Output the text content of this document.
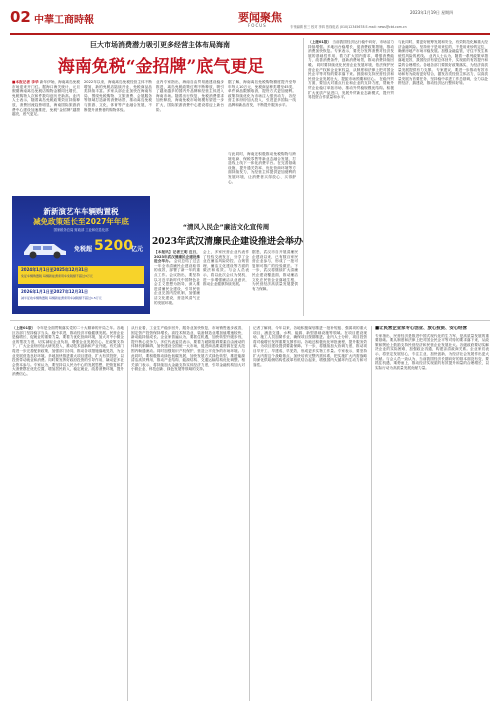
02 中華工商時報	要闻聚焦
FOCUS
2023年1月19日 星期四
专刊编辑 张三 校对 李四 热线电话 (010)12345678 E-mail: news@cbt.com.cn
巨大市场消费潜力吸引更多经营主体布局海南
海南免税“金招牌”底气更足
■本报记者 李华 新年伊始，海南离岛免税市场迎来开门红。据海口海关统计，元旦假期海南离岛免税店购物金额同比增长，免税购物人次和件数均创历史新高。业内人士表示，随着离岛免税政策效应持续释放，消费回流趋势明显，海南国际旅游消费中心建设加速推进，免税“金招牌”越擦越亮，底气更足。
2022年以来，海南离岛免税经营主体不断增加，新的免税店陆续开业，免税商品品类持续丰富。多家头部企业加快在海南布局，围绕免税购物、文旅消费、会展服务等领域打造新的消费场景，推动离岛免税与旅游、文化、体育等产业融合发展，不断提升消费者的购物体验。
业内专家指出，海南自由贸易港建设稳步推进，离岛免税政策红利不断释放，吸引了越来越多的国内外品牌和经营主体进入海南市场。随着出行恢复，免税消费需求加快释放，海南免税市场规模有望进一步扩大，国际旅游消费中心建设将迈上新台阶。
据了解，海南离岛免税购物额度提升至每年每人10万元，免税商品种类增至45类，单件商品限额取消，提货方式更加便利。政策持续优化为市场注入强劲动力，各经营主体纷纷加大投入，引进更多国际一线品牌和新品首发，不断提升服务水平。
与此同时，海南还积极推动免税购物与跨境电商、保税零售等新业态融合发展，打造线上线下一体化消费平台。在完善基础设施、提升通关效率、优化营商环境等方面持续发力，为经营主体提供更加便利的发展环境，让消费者买得放心、买得舒心。
新新演艺车车辆购置税
减免政策延长至2027年年底
国家税务总局 财政部 工业和信息化部
免税超 5200
亿元
2024年1月1日至2025年12月31日
免征车辆购置税 每辆新能源乘用车免税额不超过3万元
2026年1月1日至2027年12月31日
减半征收车辆购置税 每辆新能源乘用车减税额不超过1.5万元
“清风入民企”廉洁文化宣传周
2023年武汉清廉民企建设推进会举办
【本报讯】记者王明 近日，2023年武汉清廉民企建设推进会举办。 会议总结了过去一年全市清廉民企建设取得的成效，部署了新一年的重点工作。会议指出，要坚持以习近平新时代中国特色社会主义思想为指导，深入推进清廉民企建设，引导民营企业完善内控机制，加强廉洁文化建设，营造风清气正的发展环境。
会上，多家民营企业代表作了经验交流发言，分享了企业在廉洁风险防控、合规管理、廉洁文化建设等方面的做法和成效。与会人员表示，将以此次会议为契机，进一步增强廉洁从业意识，推动企业健康持续发展。
据悉，武汉市自开展清廉民企建设以来，已有数百家民营企业参与，形成了一批可复制可推广的经验做法。下一步，武汉将继续扩大清廉民企建设覆盖面，推动廉洁文化在民营企业落地生根，为民营经济高质量发展提供有力保障。
（上接01版） 当前我国经济运行稳中向好，市场活力持续增强。多地出台稳增长、促消费政策措施，推动消费加快恢复。专家表示，要充分发挥消费对经济发展的基础性作用，着力扩大国内需求，增强消费能力，改善消费条件，创新消费场景，推动消费持续回暖。 同时要持续优化民营企业发展环境，依法保护民营企业产权和企业家权益，从制度和法律上把对国企民企平等对待的要求落下来。鼓励和支持民营经济和民营企业发展壮大，提振市场预期和信心。 在稳外贸方面，要加大对重点行业和企业的支持力度，帮助外贸企业稳订单拓市场，推动外贸稳规模优结构。积极扩大优质产品进口，发展外贸新业态新模式，提升贸易投资合作质量和水平。
与此同时，要更好统筹发展和安全，有效防范化解重大经济金融风险。坚持房子是用来住的、不是用来炒的定位，确保房地产市场平稳发展。加强金融监管，守住不发生系统性风险的底线。 业内人士认为，随着一系列政策举措落地见效，我国经济有望总体回升，实现质的有效提升和量的合理增长。各地各部门要抓好政策落实，为经济高质量发展提供有力支撑。 专家建议，要进一步推动有效市场和有为政府更好结合，激发各类经营主体活力，以高质量发展为首要任务，坚持稳中求进工作总基调，全力以赴拼经济、搞建设，推动经济运行整体好转。
（上接01版） 今年是全面贯彻落实党的二十大精神的开局之年。各地区各部门坚持稳字当头、稳中求进，推动经济平稳健康发展。民营企业是稳增长、促就业的重要力量，要着力优化营商环境，加大对中小微企业的帮扶力度，切实减轻企业负担，增强企业发展信心。在政策支持下，广大企业纷纷加大研发投入，推动技术创新和产业升级。有关部门将进一步完善配套政策，加强部门协同，推动各项措施落地见效，为企业发展营造良好环境。多地加快推进重大项目建设，扩大有效投资，以投资带动就业和消费。同时要发挥好政府投资的引导作用，撬动更多社会资本参与。专家认为，要坚持以人民为中心的发展思想，把恢复和扩大消费摆在优先位置，增加居民收入，稳定就业，改善消费环境，提升消费信心。
从行业看，工业生产稳步回升，服务业加快恢复，市场销售逐步改善，固定资产投资保持增长。高技术制造业、装备制造业增加值增速较快，新动能持续成长。企业家普遍认为，要抓住机遇，加快转型升级步伐，提升核心竞争力。多位代表委员表示，要着力破除阻碍要素自由流动的体制机制障碍，加快建设全国统一大市场，促进商品要素资源在更大范围内畅通流动。同时加强知识产权保护，营造公平竞争的市场环境。与此同时，要积极推动绿色低碳发展，加快发展方式绿色转型，推进能源清洁高效利用，推动产业结构、能源结构、交通运输结构优化调整。相关部门表示，将持续加大金融支持实体经济力度，引导金融机构加大对小微企业、科技创新、绿色发展等领域的支持。
记者了解到，今年以来，各地积极谋划推进一批补短板、强弱项的重大项目，涵盖交通、水利、能源、新型基础设施等领域。在项目建设现场，施工人员加紧作业，确保项目按期推进。业内人士分析，项目投资将对稳增长发挥重要支撑作用。各地还积极优化审批流程，提升服务效率，为项目建设提供要素保障。下一步，将继续加大协调力度，推动项目早开工、早建成、早见效，形成更多实物工作量。专家表示，要坚持扩大内需这个战略基点，加快培育完整内需体系，把实施扩大内需战略同深化供给侧结构性改革有机结合起来，增强国内大循环内生动力和可靠性。
■让民营企业家专心创业、放心投资、安心经营
专家指出，民营经济是推进中国式现代化的生力军，是高质量发展的重要基础。要从制度和法律上把对国企民企平等对待的要求落下来，从政策和舆论上鼓励支持民营经济和民营企业发展壮大。各级政府要切实解决企业的实际困难，加强政企沟通，构建亲清政商关系。企业家们表示，将坚定发展信心，专注主业，加快创新，为经济社会发展作出更大贡献。与会人员一致认为，当前我国经济长期向好的基本面没有变，要抓住机遇，乘势而上，推动经济实现质的有效提升和量的合理增长，以实际行动为高质量发展贡献力量。
